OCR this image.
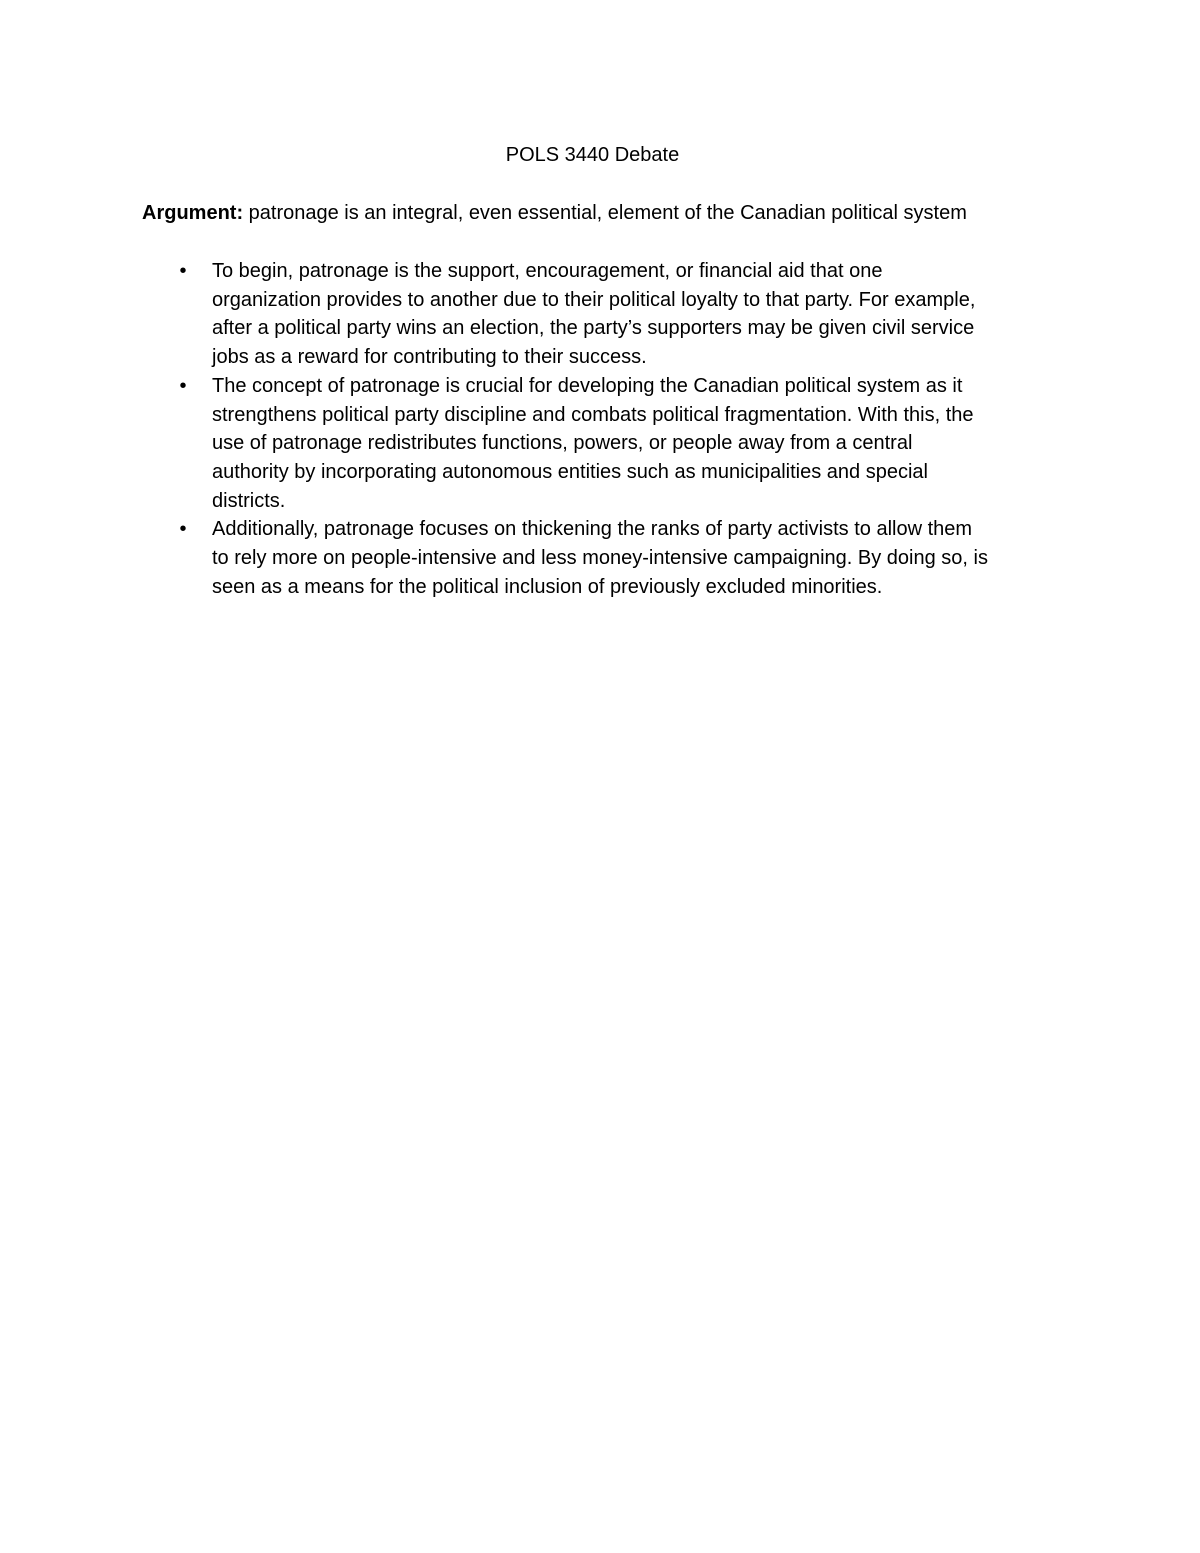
POLS 3440 Debate

Argument: patronage is an integral, even essential, element of the Canadian political system

•	To begin, patronage is the support, encouragement, or financial aid that one
organization provides to another due to their political loyalty to that party. For example,
after a political party wins an election, the party’s supporters may be given civil service
jobs as a reward for contributing to their success.
•	The concept of patronage is crucial for developing the Canadian political system as it
strengthens political party discipline and combats political fragmentation. With this, the
use of patronage redistributes functions, powers, or people away from a central
authority by incorporating autonomous entities such as municipalities and special
districts.
•	Additionally, patronage focuses on thickening the ranks of party activists to allow them
to rely more on people-intensive and less money-intensive campaigning. By doing so, is
seen as a means for the political inclusion of previously excluded minorities.
